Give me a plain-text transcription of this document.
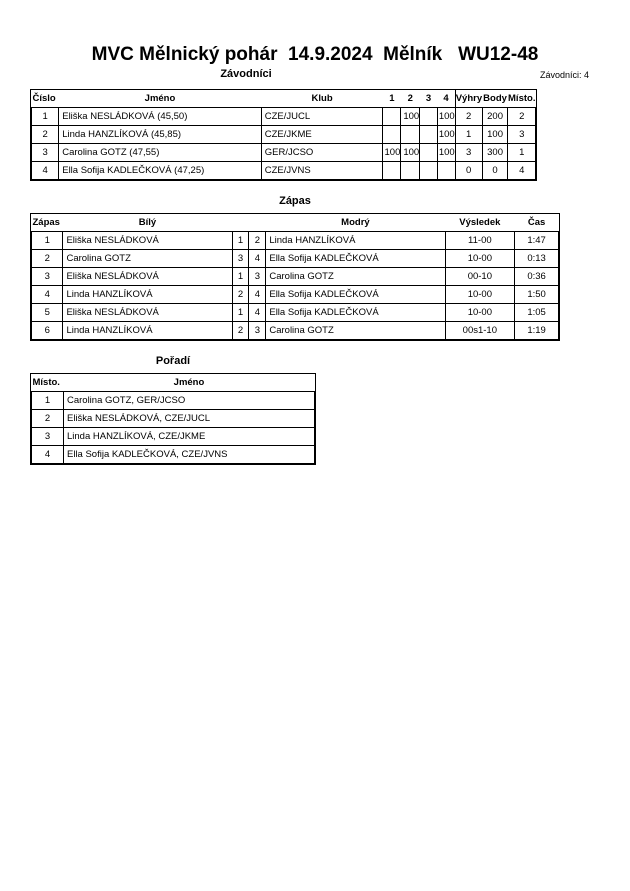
MVC Mělnický pohár  14.9.2024  Mělník   WU12-48
Závodníci	Závodníci: 4
Číslo	Jméno	Klub	1	2	3	4	Výhry	Body	Místo.
1	Eliška NESLÁDKOVÁ (45,50)	CZE/JUCL		100		100	2	200	2
2	Linda HANZLÍKOVÁ (45,85)	CZE/JKME				100	1	100	3
3	Carolina GOTZ (47,55)	GER/JCSO	100	100		100	3	300	1
4	Ella Sofija KADLEČKOVÁ (47,25)	CZE/JVNS					0	0	4
Zápas
Zápas	Bílý			Modrý	Výsledek	Čas
1	Eliška NESLÁDKOVÁ	1	2	Linda HANZLÍKOVÁ	11-00	1:47
2	Carolina GOTZ	3	4	Ella Sofija KADLEČKOVÁ	10-00	0:13
3	Eliška NESLÁDKOVÁ	1	3	Carolina GOTZ	00-10	0:36
4	Linda HANZLÍKOVÁ	2	4	Ella Sofija KADLEČKOVÁ	10-00	1:50
5	Eliška NESLÁDKOVÁ	1	4	Ella Sofija KADLEČKOVÁ	10-00	1:05
6	Linda HANZLÍKOVÁ	2	3	Carolina GOTZ	00s1-10	1:19
Pořadí
Místo.	Jméno
1	Carolina GOTZ, GER/JCSO
2	Eliška NESLÁDKOVÁ, CZE/JUCL
3	Linda HANZLÍKOVÁ, CZE/JKME
4	Ella Sofija KADLEČKOVÁ, CZE/JVNS
